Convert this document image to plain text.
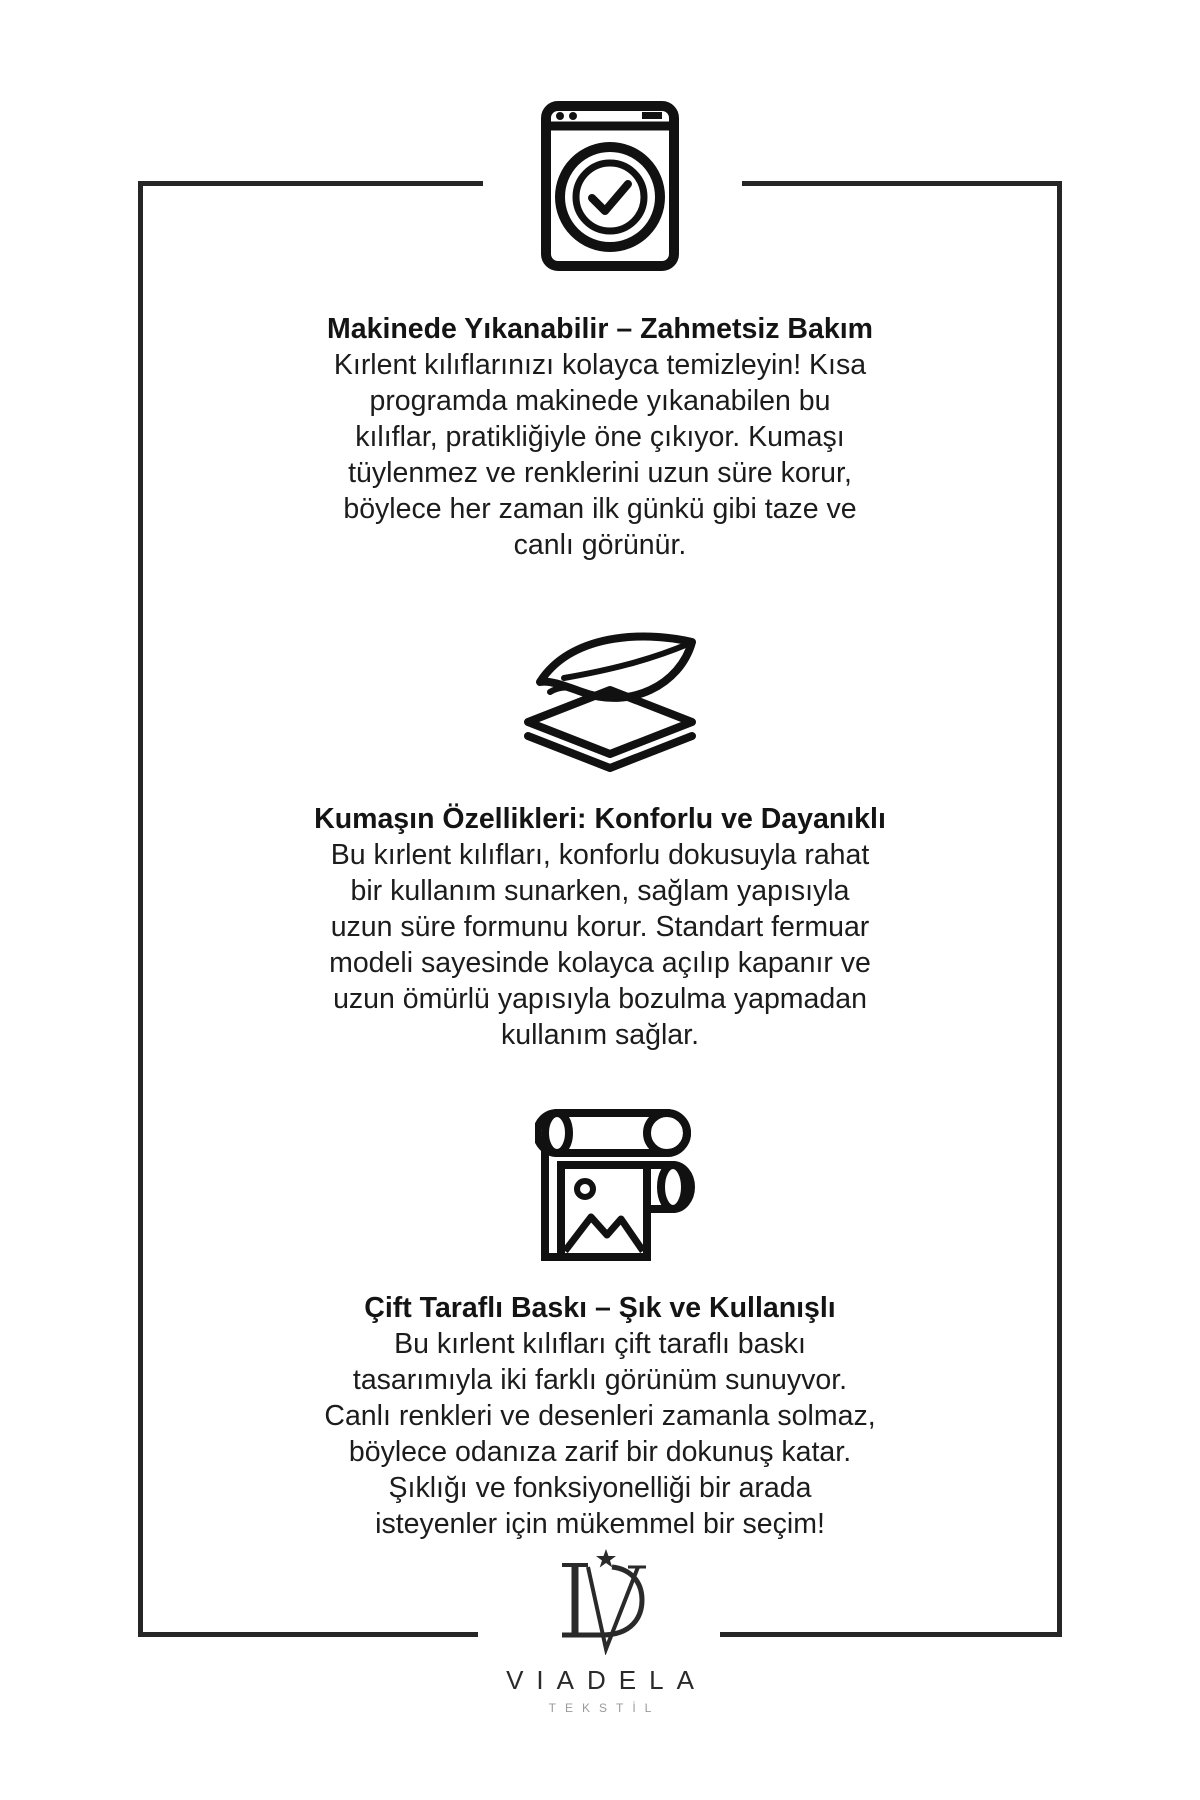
Makinede Yıkanabilir – Zahmetsiz Bakım

Kırlent kılıflarınızı kolayca temizleyin! Kısa
programda makinede yıkanabilen bu
kılıflar, pratikliğiyle öne çıkıyor. Kumaşı
tüylenmez ve renklerini uzun süre korur,
böylece her zaman ilk günkü gibi taze ve
canlı görünür.

Kumaşın Özellikleri: Konforlu ve Dayanıklı

Bu kırlent kılıfları, konforlu dokusuyla rahat
bir kullanım sunarken, sağlam yapısıyla
uzun süre formunu korur. Standart fermuar
modeli sayesinde kolayca açılıp kapanır ve
uzun ömürlü yapısıyla bozulma yapmadan
kullanım sağlar.

Çift Taraflı Baskı – Şık ve Kullanışlı

Bu kırlent kılıfları çift taraflı baskı
tasarımıyla iki farklı görünüm sunuyvor.
Canlı renkleri ve desenleri zamanla solmaz,
böylece odanıza zarif bir dokunuş katar.
Şıklığı ve fonksiyonelliği bir arada
isteyenler için mükemmel bir seçim!

VIADELA
TEKSTİL
